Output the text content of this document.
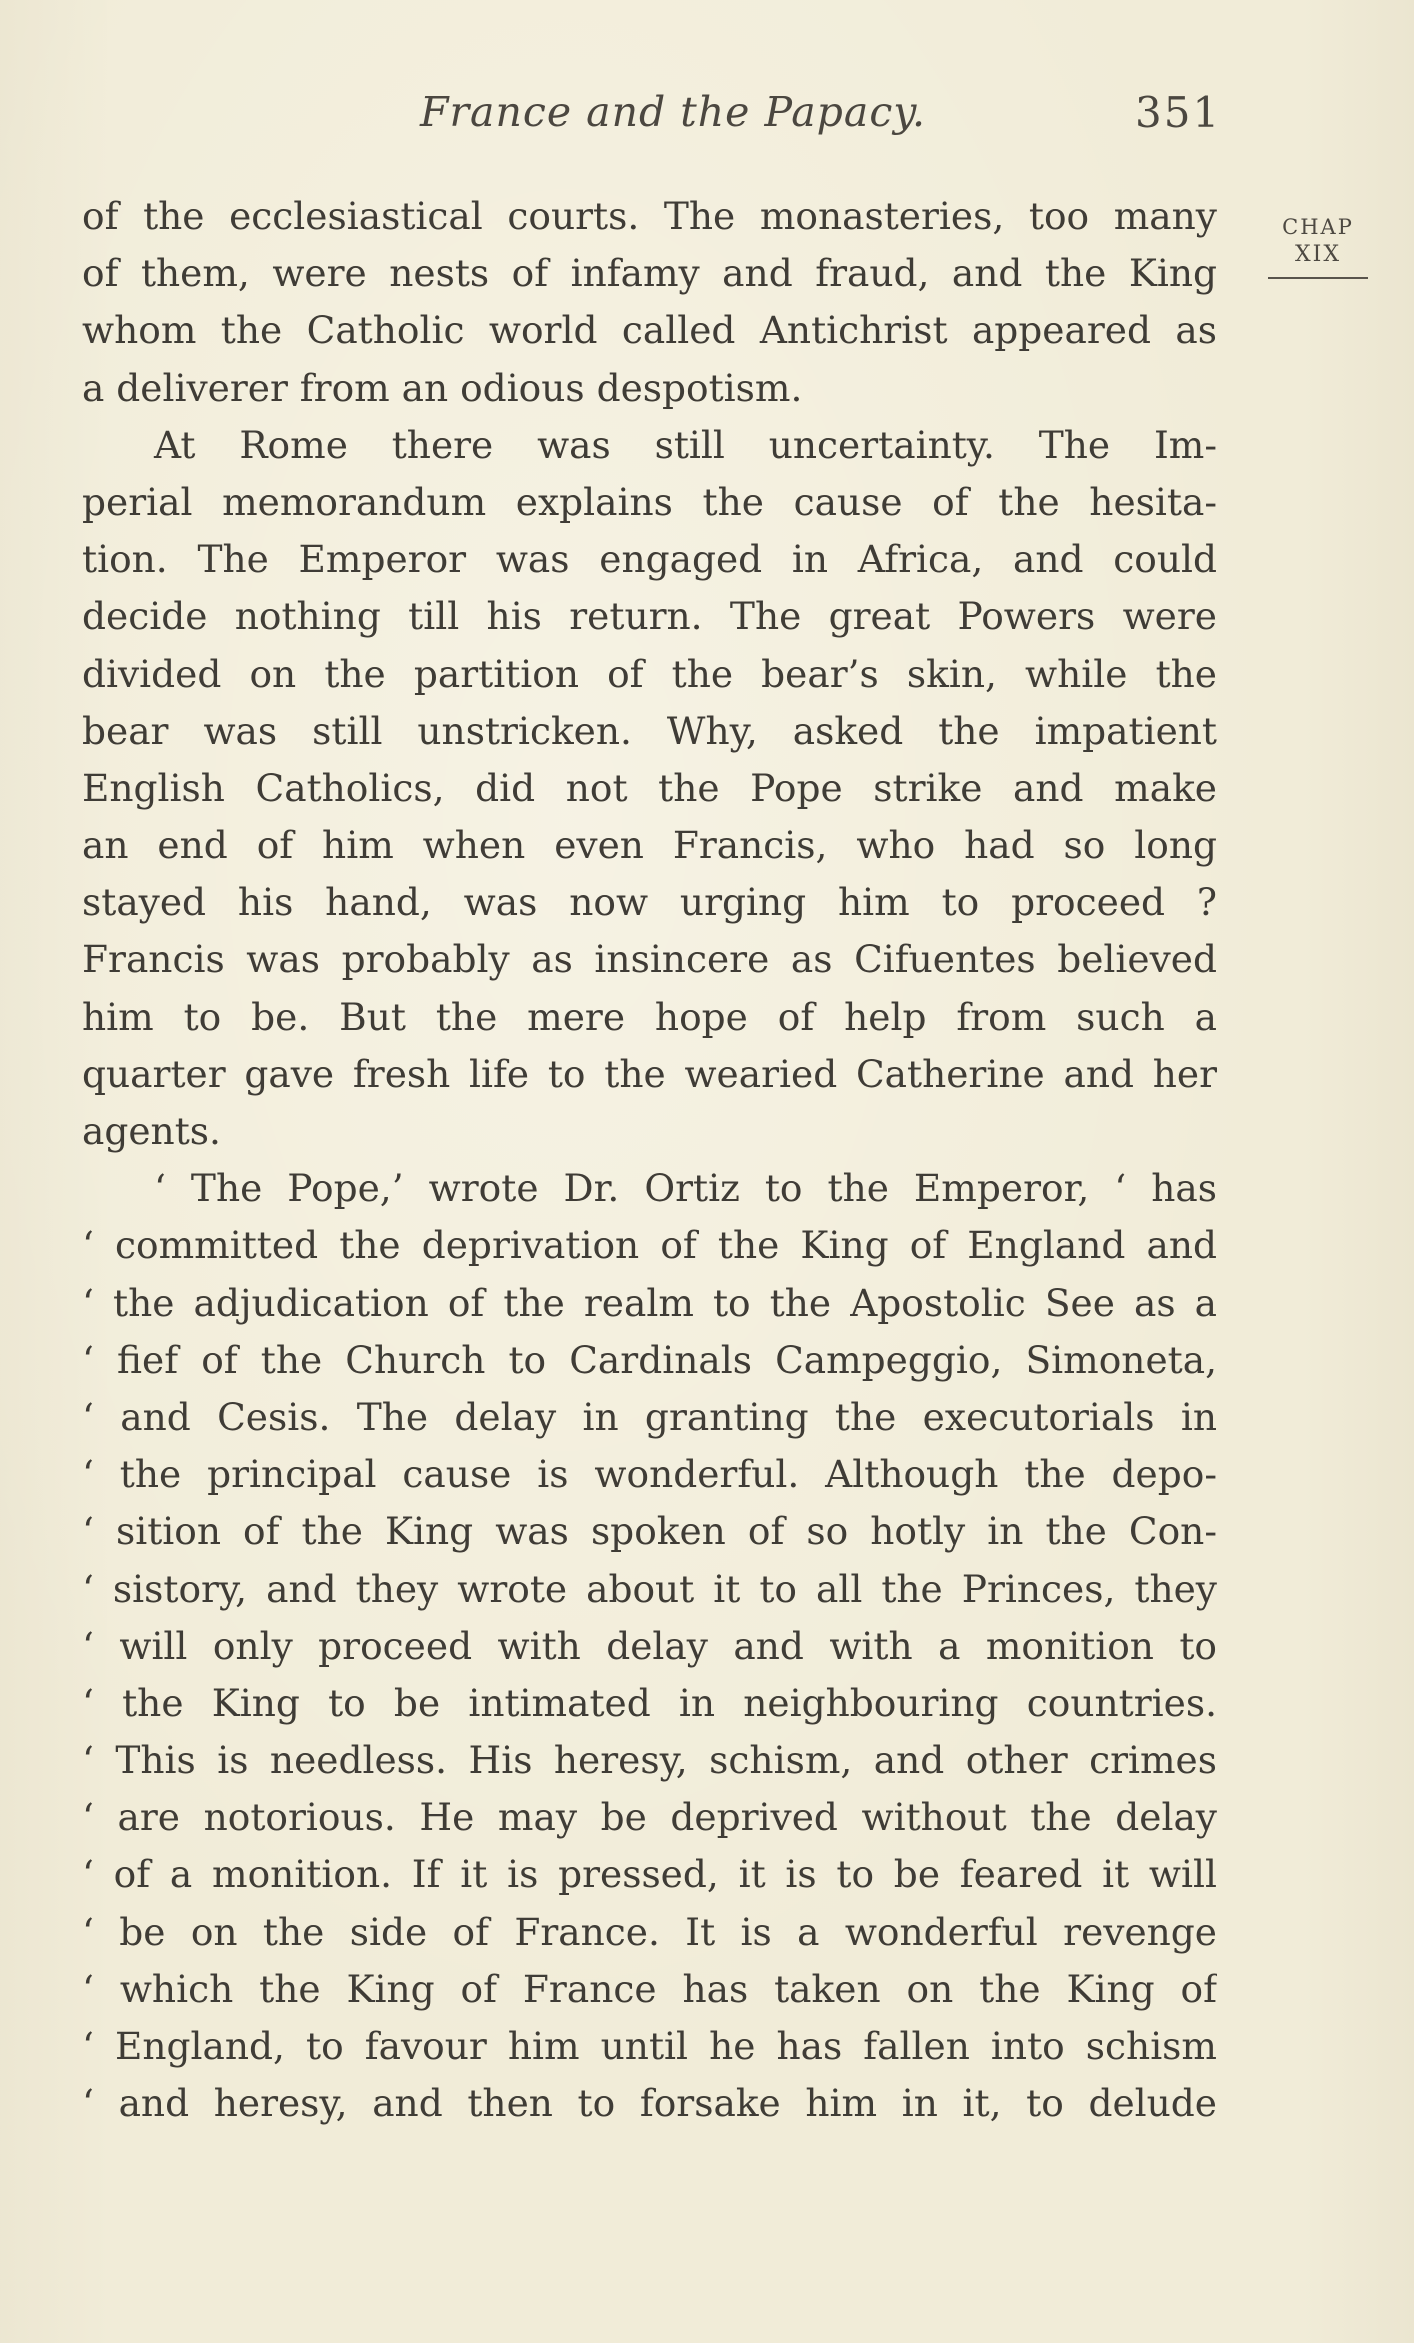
France and the Papacy.	351
CHAP
XIX
of the ecclesiastical courts. The monasteries, too many
of them, were nests of infamy and fraud, and the King
whom the Catholic world called Antichrist appeared as
a deliverer from an odious despotism.
At Rome there was still uncertainty. The Im-
perial memorandum explains the cause of the hesita-
tion. The Emperor was engaged in Africa, and could
decide nothing till his return. The great Powers were
divided on the partition of the bear’s skin, while the
bear was still unstricken. Why, asked the impatient
English Catholics, did not the Pope strike and make
an end of him when even Francis, who had so long
stayed his hand, was now urging him to proceed ?
Francis was probably as insincere as Cifuentes believed
him to be. But the mere hope of help from such a
quarter gave fresh life to the wearied Catherine and her
agents.
‘ The Pope,’ wrote Dr. Ortiz to the Emperor, ‘ has
‘ committed the deprivation of the King of England and
‘ the adjudication of the realm to the Apostolic See as a
‘ fief of the Church to Cardinals Campeggio, Simoneta,
‘ and Cesis. The delay in granting the executorials in
‘ the principal cause is wonderful. Although the depo-
‘ sition of the King was spoken of so hotly in the Con-
‘ sistory, and they wrote about it to all the Princes, they
‘ will only proceed with delay and with a monition to
‘ the King to be intimated in neighbouring countries.
‘ This is needless. His heresy, schism, and other crimes
‘ are notorious. He may be deprived without the delay
‘ of a monition. If it is pressed, it is to be feared it will
‘ be on the side of France. It is a wonderful revenge
‘ which the King of France has taken on the King of
‘ England, to favour him until he has fallen into schism
‘ and heresy, and then to forsake him in it, to delude
